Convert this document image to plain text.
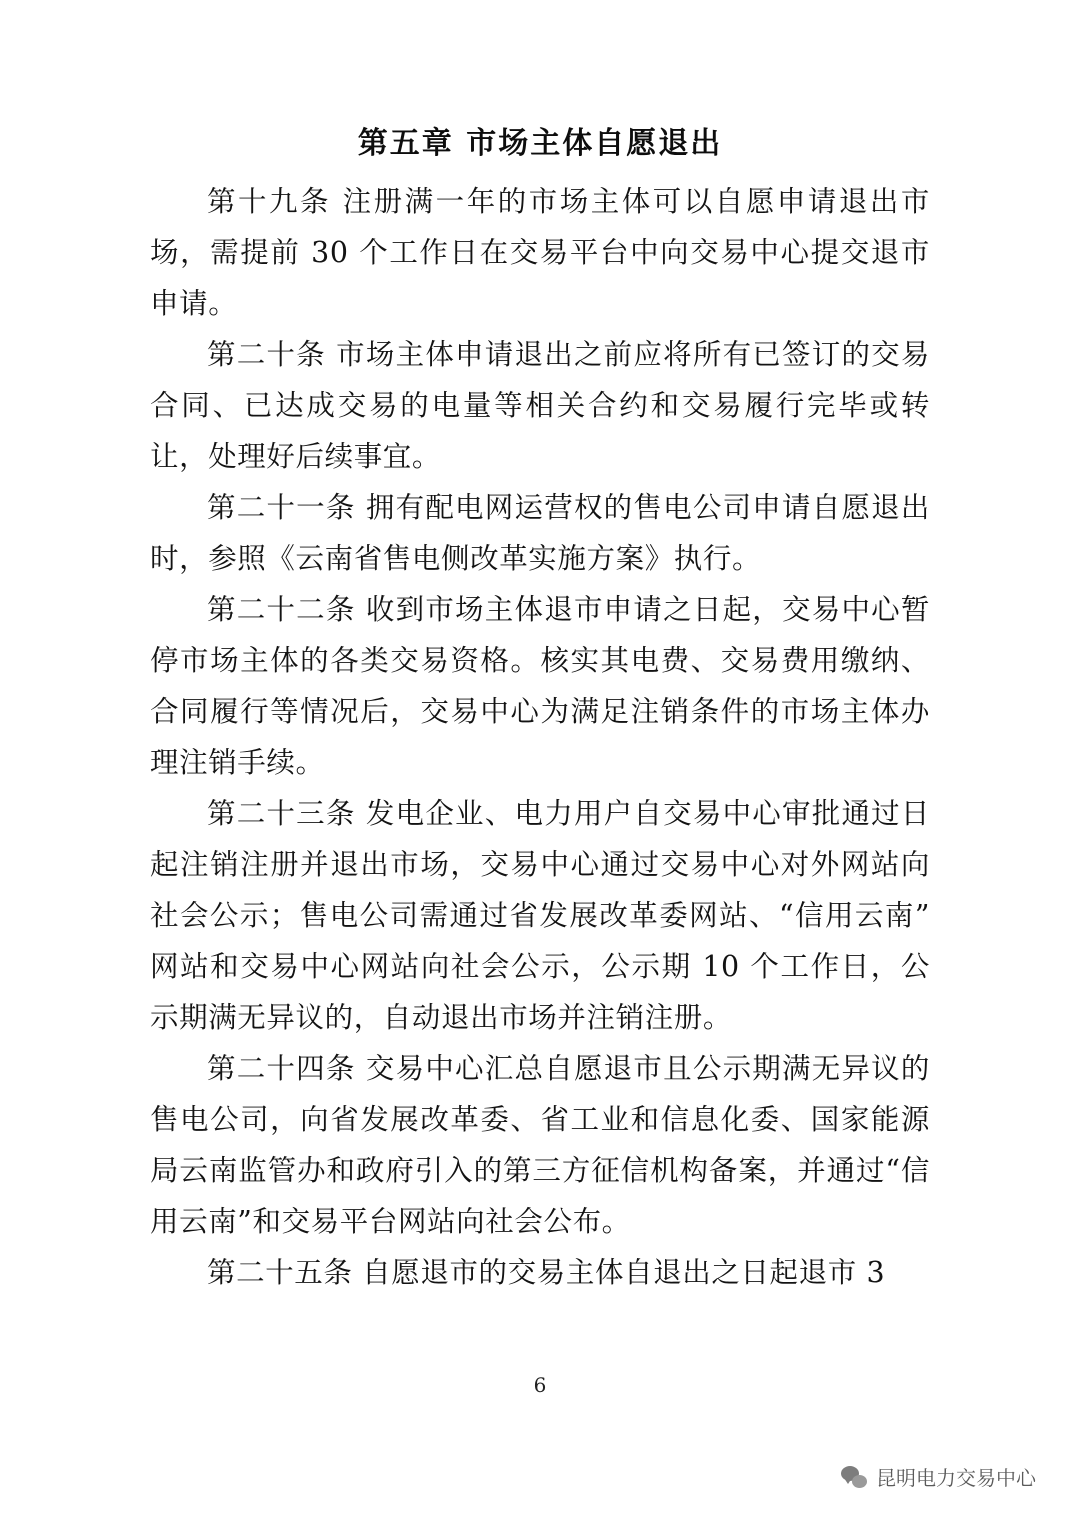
第五章 市场主体自愿退出

第十九条 注册满一年的市场主体可以自愿申请退出市场，需提前 30 个工作日在交易平台中向交易中心提交退市申请。

第二十条 市场主体申请退出之前应将所有已签订的交易合同、已达成交易的电量等相关合约和交易履行完毕或转让，处理好后续事宜。

第二十一条 拥有配电网运营权的售电公司申请自愿退出时，参照《云南省售电侧改革实施方案》执行。

第二十二条 收到市场主体退市申请之日起，交易中心暂停市场主体的各类交易资格。核实其电费、交易费用缴纳、合同履行等情况后，交易中心为满足注销条件的市场主体办理注销手续。

第二十三条 发电企业、电力用户自交易中心审批通过日起注销注册并退出市场，交易中心通过交易中心对外网站向社会公示；售电公司需通过省发展改革委网站、“信用云南”网站和交易中心网站向社会公示，公示期 10 个工作日，公示期满无异议的，自动退出市场并注销注册。

第二十四条 交易中心汇总自愿退市且公示期满无异议的售电公司，向省发展改革委、省工业和信息化委、国家能源局云南监管办和政府引入的第三方征信机构备案，并通过“信用云南”和交易平台网站向社会公布。

第二十五条 自愿退市的交易主体自退出之日起退市 3

6
昆明电力交易中心
